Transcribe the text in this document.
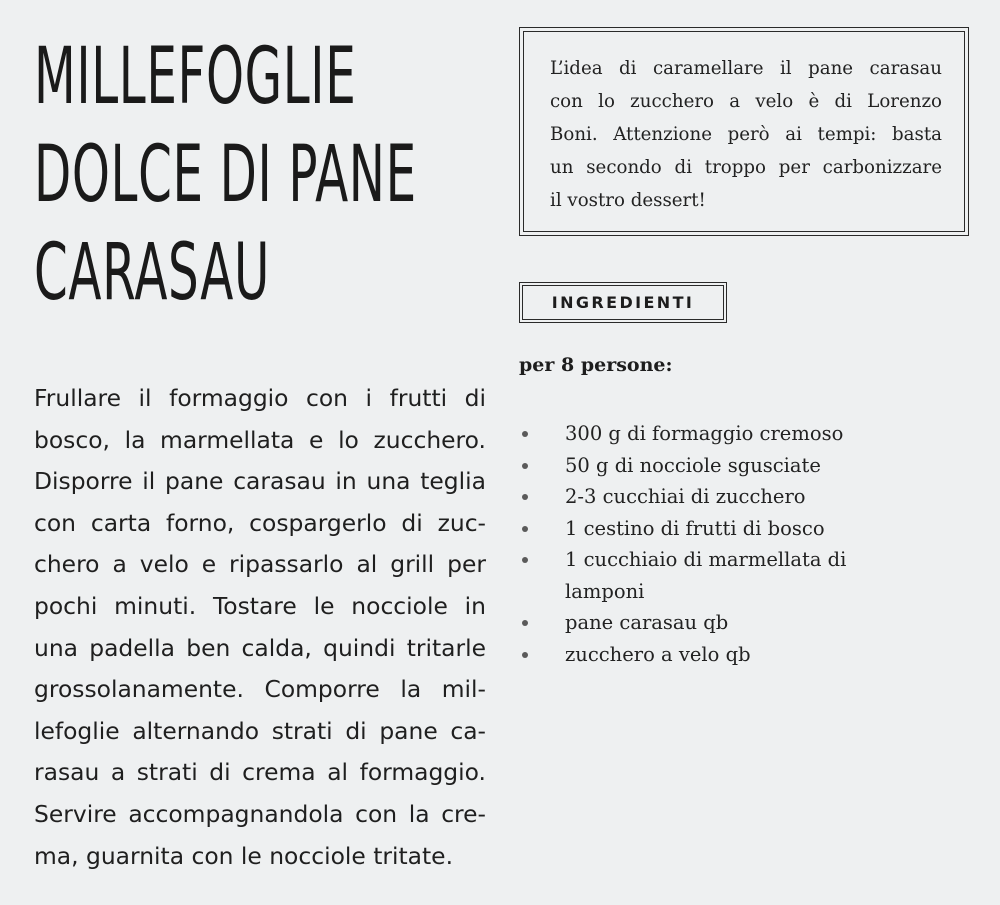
MILLEFOGLIE
DOLCE DI PANE
CARASAU
Frullare il formaggio con i frutti di
bosco, la marmellata e lo zucchero.
Disporre il pane carasau in una teglia
con carta forno, cospargerlo di zuc-
chero a velo e ripassarlo al grill per
pochi minuti. Tostare le nocciole in
una padella ben calda, quindi tritarle
grossolanamente. Comporre la mil-
lefoglie alternando strati di pane ca-
rasau a strati di crema al formaggio.
Servire accompagnandola con la cre-
ma, guarnita con le nocciole tritate.
L’idea di caramellare il pane carasau
con lo zucchero a velo è di Lorenzo
Boni. Attenzione però ai tempi: basta
un secondo di troppo per carbonizzare
il vostro dessert!
INGREDIENTI
per 8 persone:
300 g di formaggio cremoso
50 g di nocciole sgusciate
2-3 cucchiai di zucchero
1 cestino di frutti di bosco
1 cucchiaio di marmellata di lamponi
pane carasau qb
zucchero a velo qb
